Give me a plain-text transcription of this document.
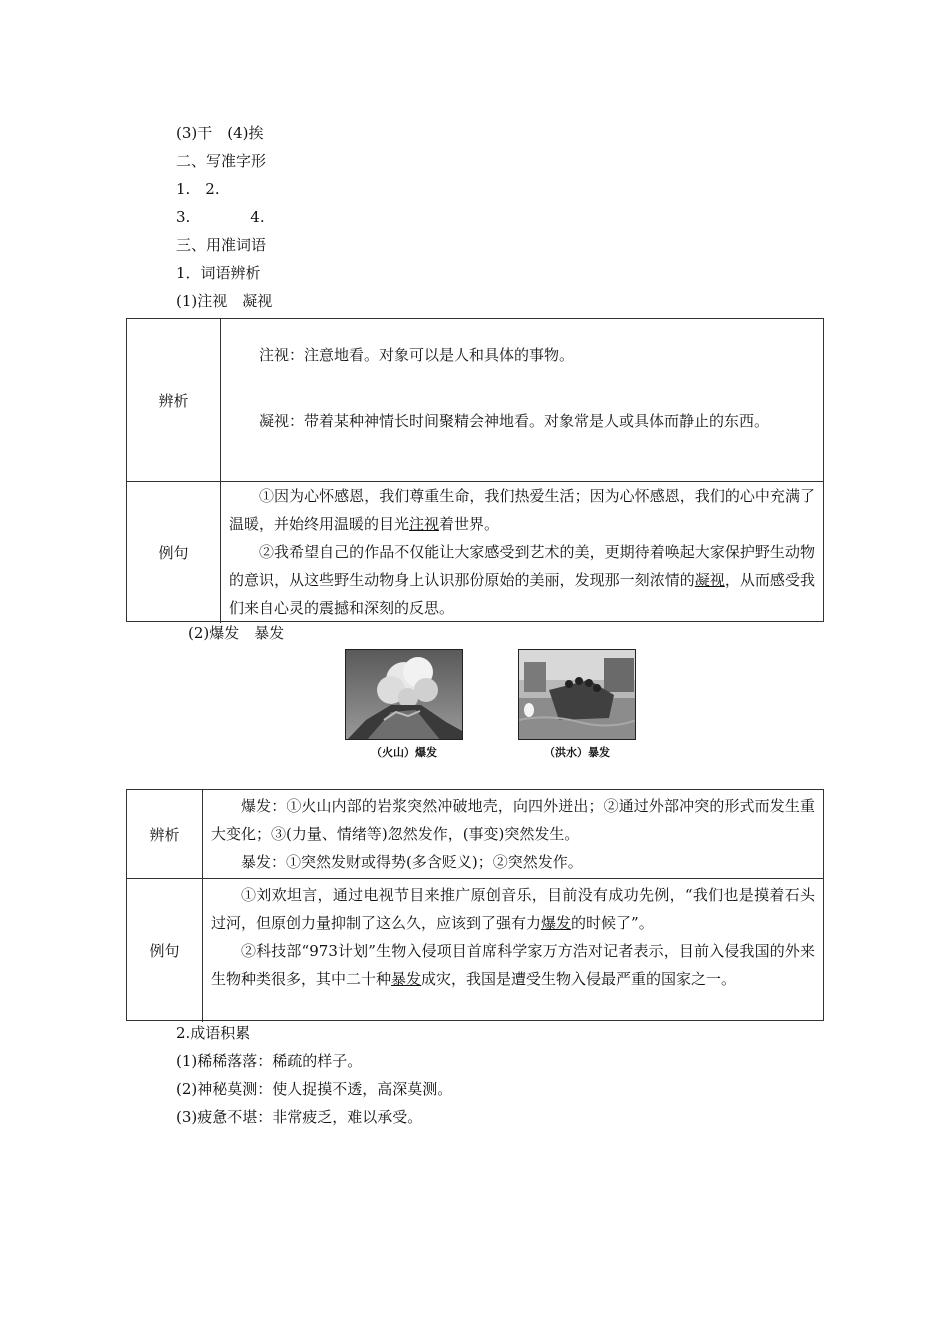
(3)干　(4)挨
二、写准字形
1.　2.
3.　　　　4.
三、用准词语
1．词语辨析
(1)注视　凝视
辨析
注视：注意地看。对象可以是人和具体的事物。
凝视：带着某种神情长时间聚精会神地看。对象常是人或具体而静止的东西。
例句
①因为心怀感恩，我们尊重生命，我们热爱生活；因为心怀感恩，我们的心中充满了温暖，并始终用温暖的目光注视着世界。
②我希望自己的作品不仅能让大家感受到艺术的美，更期待着唤起大家保护野生动物的意识，从这些野生动物身上认识那份原始的美丽，发现那一刻浓情的凝视，从而感受我们来自心灵的震撼和深刻的反思。
(2)爆发　暴发
（火山）爆发	（洪水）暴发
辨析
爆发：①火山内部的岩浆突然冲破地壳，向四外迸出；②通过外部冲突的形式而发生重大变化；③(力量、情绪等)忽然发作，(事变)突然发生。
暴发：①突然发财或得势(多含贬义)；②突然发作。
例句
①刘欢坦言，通过电视节目来推广原创音乐，目前没有成功先例，“我们也是摸着石头过河，但原创力量抑制了这么久，应该到了强有力爆发的时候了”。
②科技部“973计划”生物入侵项目首席科学家万方浩对记者表示，目前入侵我国的外来生物种类很多，其中二十种暴发成灾，我国是遭受生物入侵最严重的国家之一。
2.成语积累
(1)稀稀落落：稀疏的样子。
(2)神秘莫测：使人捉摸不透，高深莫测。
(3)疲惫不堪：非常疲乏，难以承受。
